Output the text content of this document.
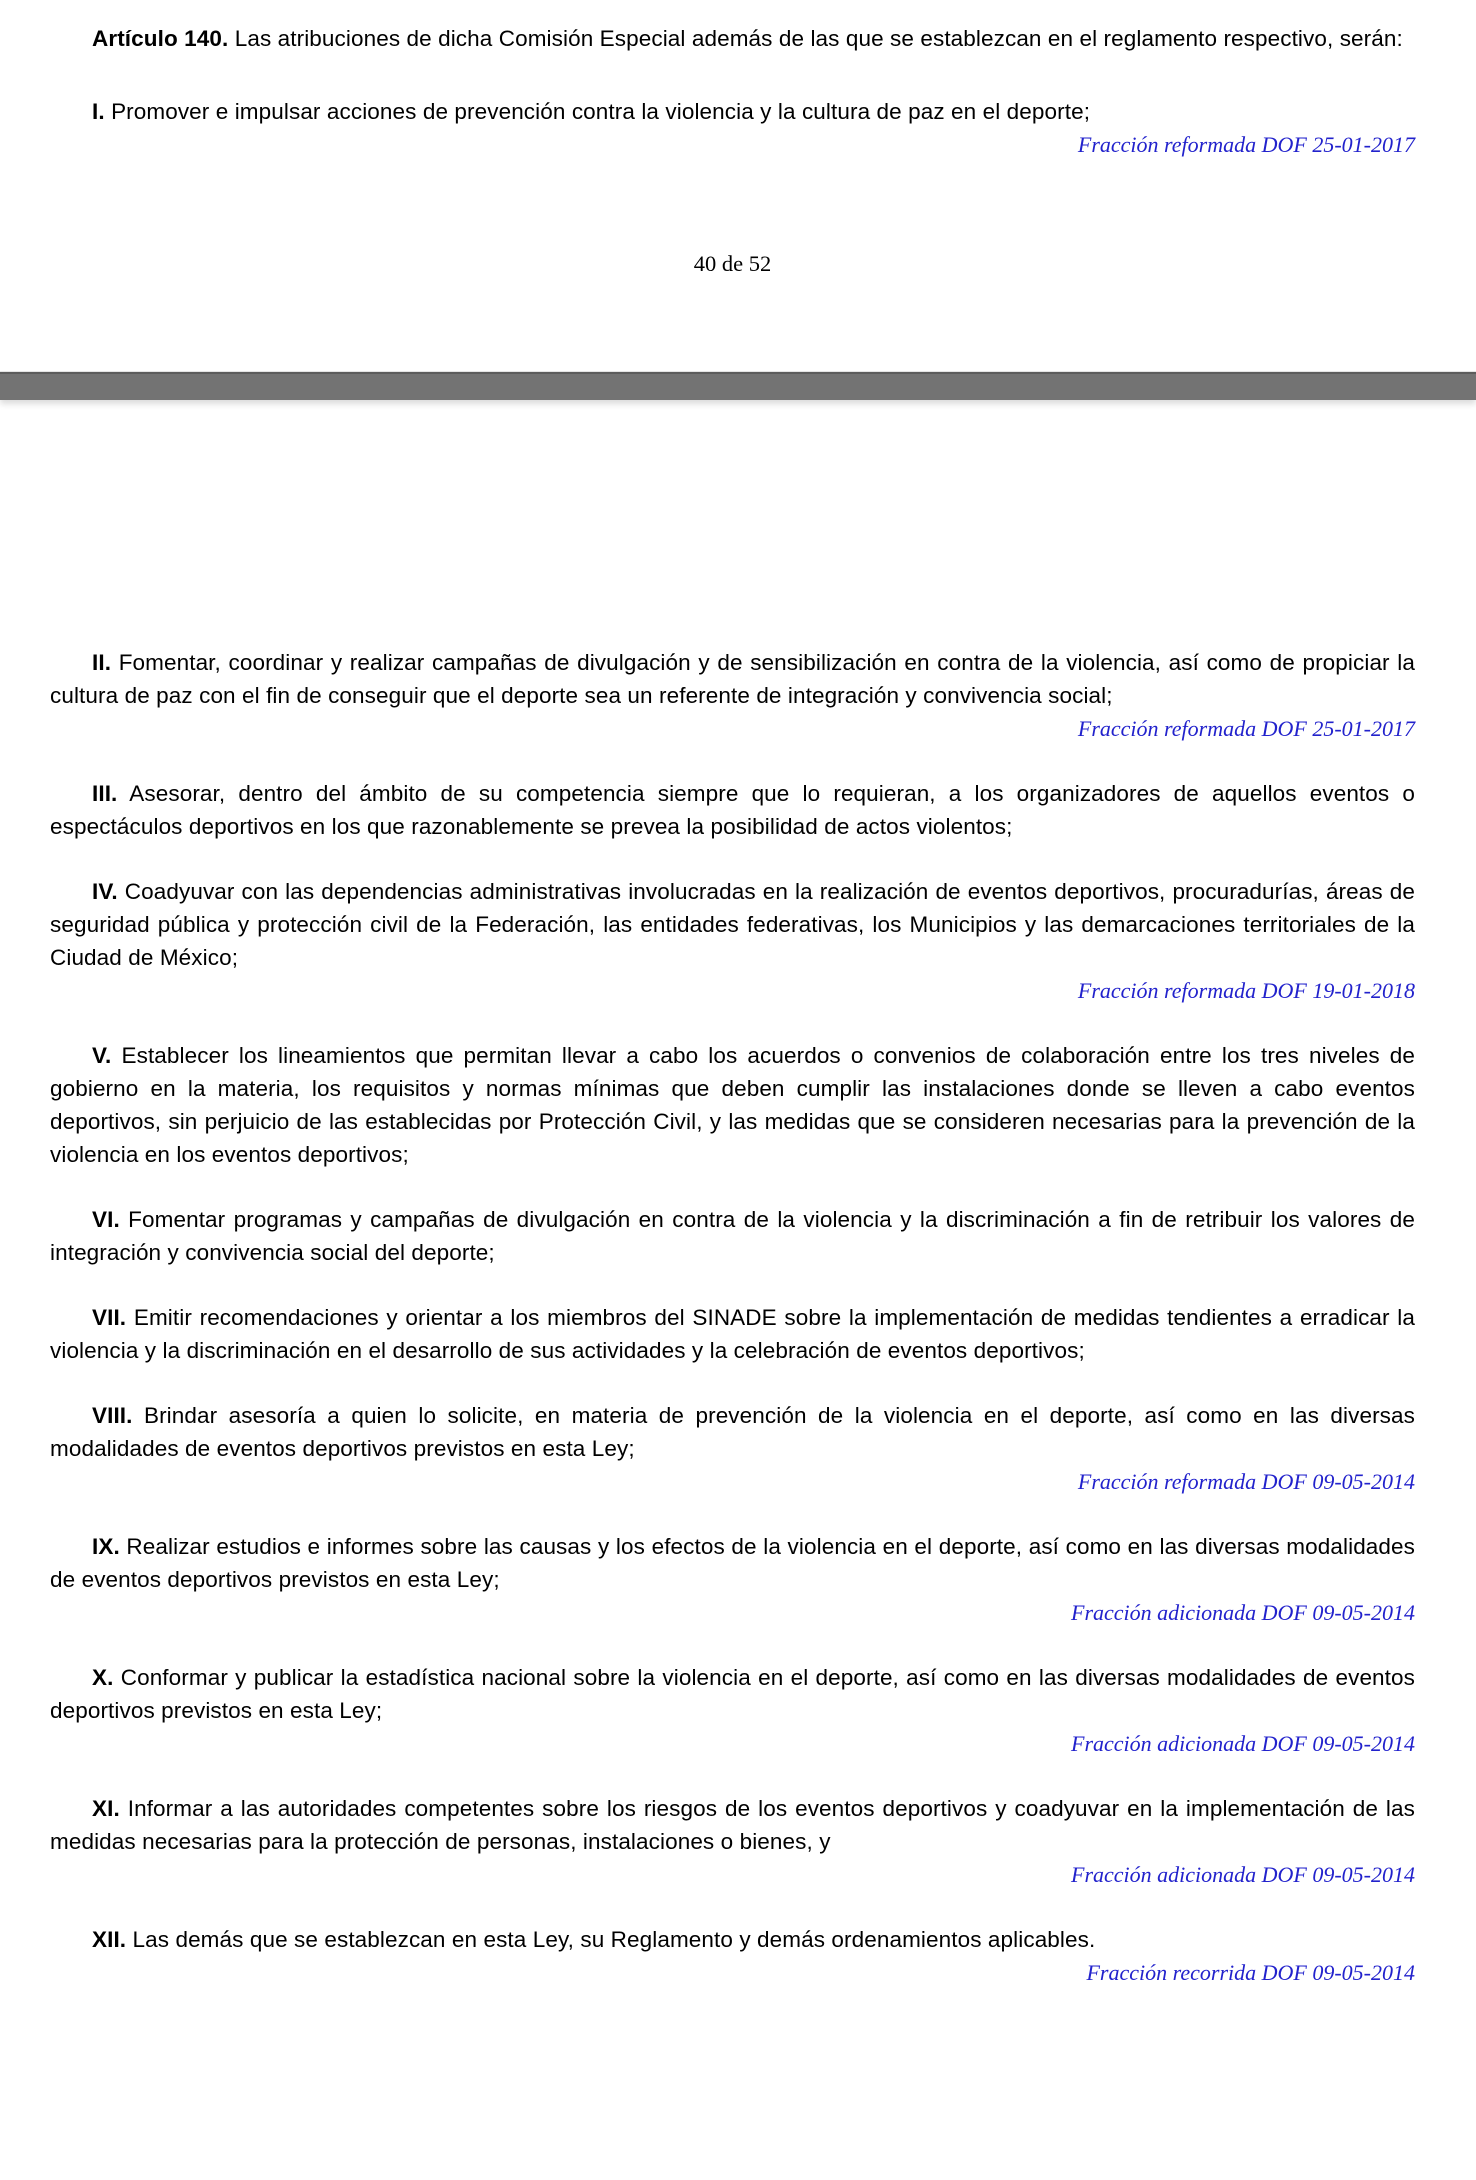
Artículo 140. Las atribuciones de dicha Comisión Especial además de las que se establezcan en el reglamento respectivo, serán:

I. Promover e impulsar acciones de prevención contra la violencia y la cultura de paz en el deporte;

Fracción reformada DOF 25-01-2017

40 de 52

II. Fomentar, coordinar y realizar campañas de divulgación y de sensibilización en contra de la violencia, así como de propiciar la cultura de paz con el fin de conseguir que el deporte sea un referente de integración y convivencia social;

Fracción reformada DOF 25-01-2017

III. Asesorar, dentro del ámbito de su competencia siempre que lo requieran, a los organizadores de aquellos eventos o espectáculos deportivos en los que razonablemente se prevea la posibilidad de actos violentos;

IV. Coadyuvar con las dependencias administrativas involucradas en la realización de eventos deportivos, procuradurías, áreas de seguridad pública y protección civil de la Federación, las entidades federativas, los Municipios y las demarcaciones territoriales de la Ciudad de México;

Fracción reformada DOF 19-01-2018

V. Establecer los lineamientos que permitan llevar a cabo los acuerdos o convenios de colaboración entre los tres niveles de gobierno en la materia, los requisitos y normas mínimas que deben cumplir las instalaciones donde se lleven a cabo eventos deportivos, sin perjuicio de las establecidas por Protección Civil, y las medidas que se consideren necesarias para la prevención de la violencia en los eventos deportivos;

VI. Fomentar programas y campañas de divulgación en contra de la violencia y la discriminación a fin de retribuir los valores de integración y convivencia social del deporte;

VII. Emitir recomendaciones y orientar a los miembros del SINADE sobre la implementación de medidas tendientes a erradicar la violencia y la discriminación en el desarrollo de sus actividades y la celebración de eventos deportivos;

VIII. Brindar asesoría a quien lo solicite, en materia de prevención de la violencia en el deporte, así como en las diversas modalidades de eventos deportivos previstos en esta Ley;

Fracción reformada DOF 09-05-2014

IX. Realizar estudios e informes sobre las causas y los efectos de la violencia en el deporte, así como en las diversas modalidades de eventos deportivos previstos en esta Ley;

Fracción adicionada DOF 09-05-2014

X. Conformar y publicar la estadística nacional sobre la violencia en el deporte, así como en las diversas modalidades de eventos deportivos previstos en esta Ley;

Fracción adicionada DOF 09-05-2014

XI. Informar a las autoridades competentes sobre los riesgos de los eventos deportivos y coadyuvar en la implementación de las medidas necesarias para la protección de personas, instalaciones o bienes, y

Fracción adicionada DOF 09-05-2014

XII. Las demás que se establezcan en esta Ley, su Reglamento y demás ordenamientos aplicables.

Fracción recorrida DOF 09-05-2014
